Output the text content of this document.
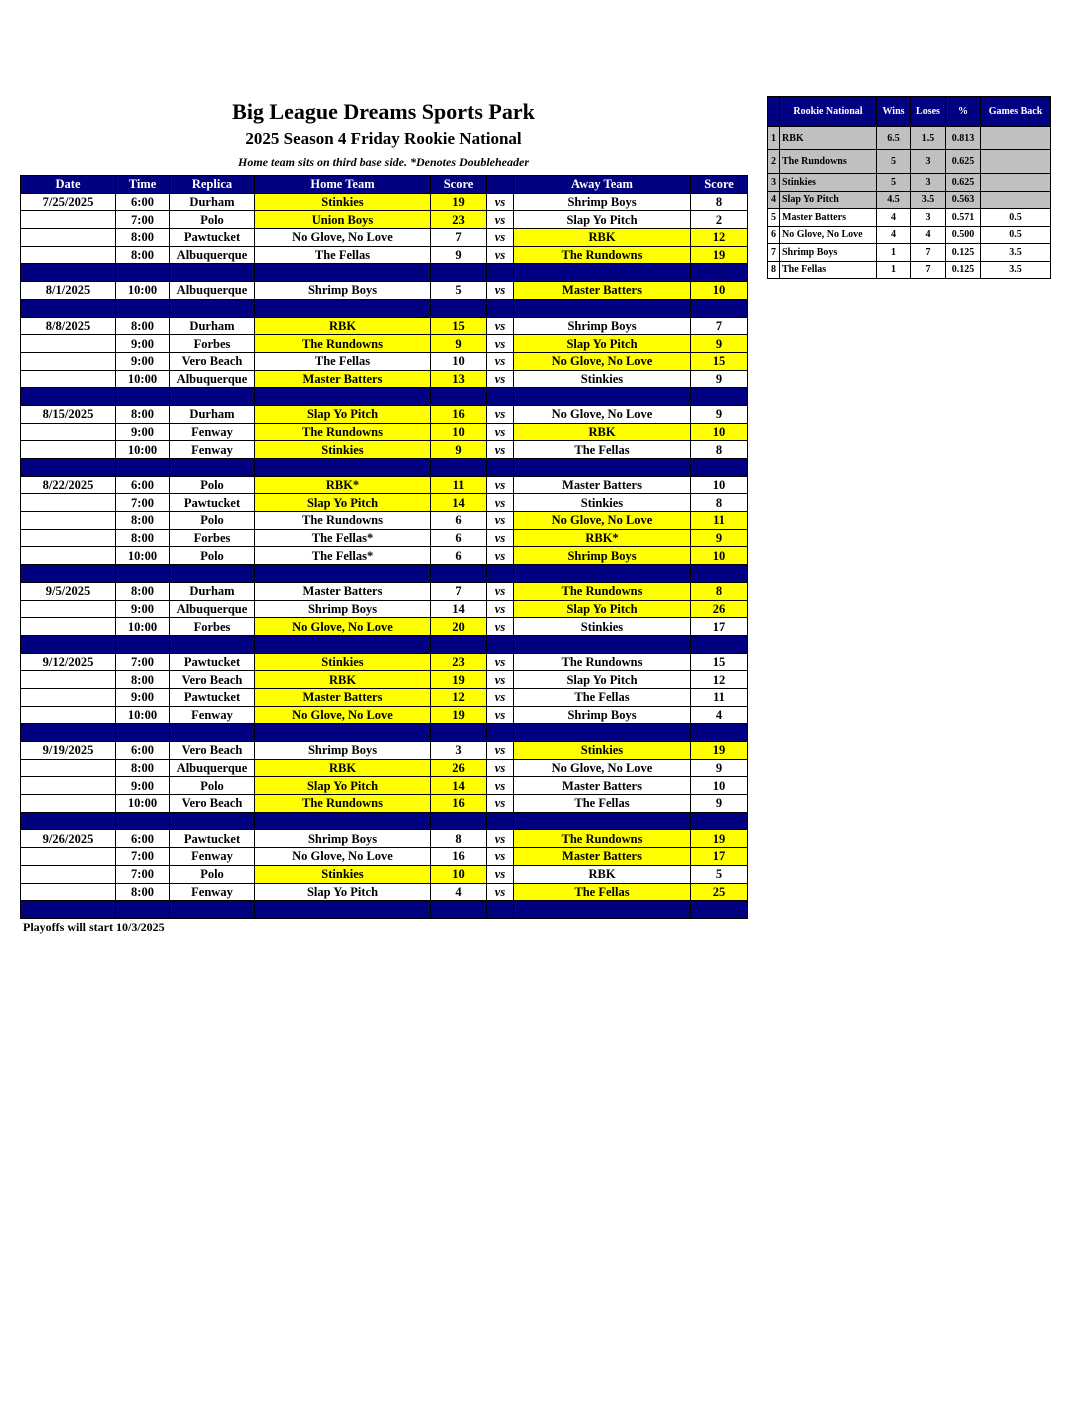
Big League Dreams Sports Park
2025 Season 4 Friday Rookie National
Home team sits on third base side. *Denotes Doubleheader
Date	Time	Replica	Home Team	Score		Away Team	Score
7/25/2025	6:00	Durham	Stinkies	19	vs	Shrimp Boys	8
	7:00	Polo	Union Boys	23	vs	Slap Yo Pitch	2
	8:00	Pawtucket	No Glove, No Love	7	vs	RBK	12
	8:00	Albuquerque	The Fellas	9	vs	The Rundowns	19

8/1/2025	10:00	Albuquerque	Shrimp Boys	5	vs	Master Batters	10

8/8/2025	8:00	Durham	RBK	15	vs	Shrimp Boys	7
	9:00	Forbes	The Rundowns	9	vs	Slap Yo Pitch	9
	9:00	Vero Beach	The Fellas	10	vs	No Glove, No Love	15
	10:00	Albuquerque	Master Batters	13	vs	Stinkies	9

8/15/2025	8:00	Durham	Slap Yo Pitch	16	vs	No Glove, No Love	9
	9:00	Fenway	The Rundowns	10	vs	RBK	10
	10:00	Fenway	Stinkies	9	vs	The Fellas	8

8/22/2025	6:00	Polo	RBK*	11	vs	Master Batters	10
	7:00	Pawtucket	Slap Yo Pitch	14	vs	Stinkies	8
	8:00	Polo	The Rundowns	6	vs	No Glove, No Love	11
	8:00	Forbes	The Fellas*	6	vs	RBK*	9
	10:00	Polo	The Fellas*	6	vs	Shrimp Boys	10

9/5/2025	8:00	Durham	Master Batters	7	vs	The Rundowns	8
	9:00	Albuquerque	Shrimp Boys	14	vs	Slap Yo Pitch	26
	10:00	Forbes	No Glove, No Love	20	vs	Stinkies	17

9/12/2025	7:00	Pawtucket	Stinkies	23	vs	The Rundowns	15
	8:00	Vero Beach	RBK	19	vs	Slap Yo Pitch	12
	9:00	Pawtucket	Master Batters	12	vs	The Fellas	11
	10:00	Fenway	No Glove, No Love	19	vs	Shrimp Boys	4

9/19/2025	6:00	Vero Beach	Shrimp Boys	3	vs	Stinkies	19
	8:00	Albuquerque	RBK	26	vs	No Glove, No Love	9
	9:00	Polo	Slap Yo Pitch	14	vs	Master Batters	10
	10:00	Vero Beach	The Rundowns	16	vs	The Fellas	9

9/26/2025	6:00	Pawtucket	Shrimp Boys	8	vs	The Rundowns	19
	7:00	Fenway	No Glove, No Love	16	vs	Master Batters	17
	7:00	Polo	Stinkies	10	vs	RBK	5
	8:00	Fenway	Slap Yo Pitch	4	vs	The Fellas	25

	Rookie National	Wins	Loses	%	Games Back
1	RBK	6.5	1.5	0.813	
2	The Rundowns	5	3	0.625	
3	Stinkies	5	3	0.625	
4	Slap Yo Pitch	4.5	3.5	0.563	
5	Master Batters	4	3	0.571	0.5
6	No Glove, No Love	4	4	0.500	0.5
7	Shrimp Boys	1	7	0.125	3.5
8	The Fellas	1	7	0.125	3.5
Playoffs will start 10/3/2025
